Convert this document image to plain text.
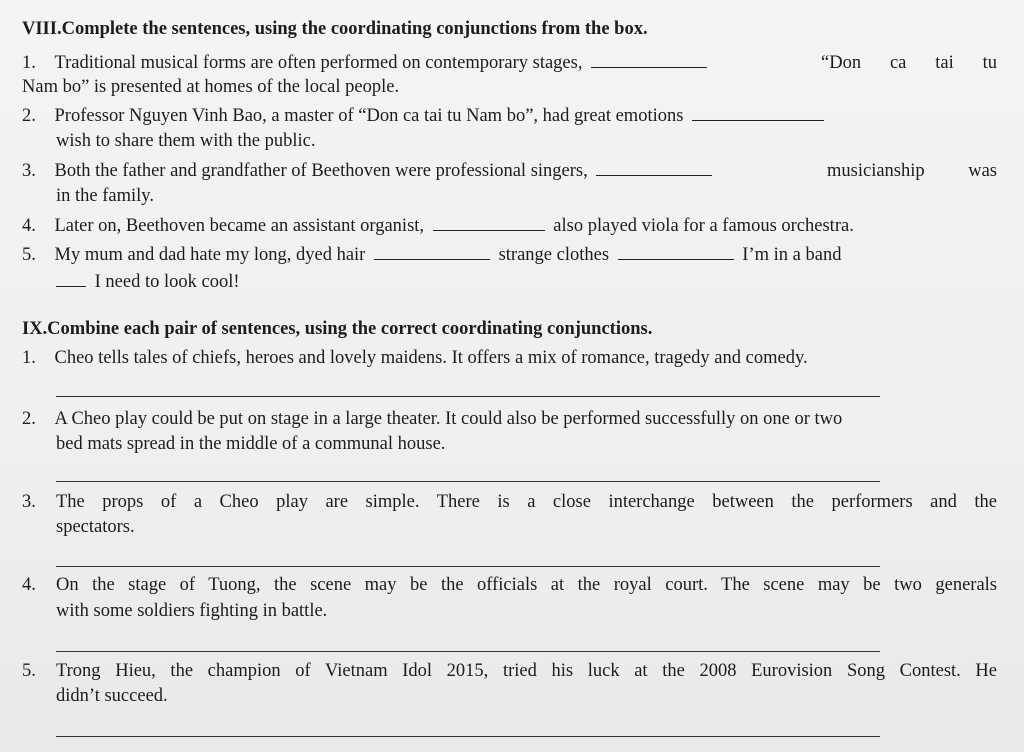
VIII.Complete the sentences, using the coordinating conjunctions from the box.
1. Traditional musical forms are often performed on contemporary stages,	“Don ca tai tu
Nam bo” is presented at homes of the local people.
2. Professor Nguyen Vinh Bao, a master of “Don ca tai tu Nam bo”, had great emotions
wish to share them with the public.
3. Both the father and grandfather of Beethoven were professional singers,	musicianship was
in the family.
4. Later on, Beethoven became an assistant organist,	also played viola for a famous orchestra.
5. My mum and dad hate my long, dyed hair	strange clothes	I’m in a band
I need to look cool!
IX.Combine each pair of sentences, using the correct coordinating conjunctions.
1. Cheo tells tales of chiefs, heroes and lovely maidens. It offers a mix of romance, tragedy and comedy.
2. A Cheo play could be put on stage in a large theater. It could also be performed successfully on one or two
bed mats spread in the middle of a communal house.
3. The props of a Cheo play are simple. There is a close interchange between the performers and the
spectators.
4. On the stage of Tuong, the scene may be the officials at the royal court. The scene may be two generals
with some soldiers fighting in battle.
5. Trong Hieu, the champion of Vietnam Idol 2015, tried his luck at the 2008 Eurovision Song Contest. He
didn’t succeed.
